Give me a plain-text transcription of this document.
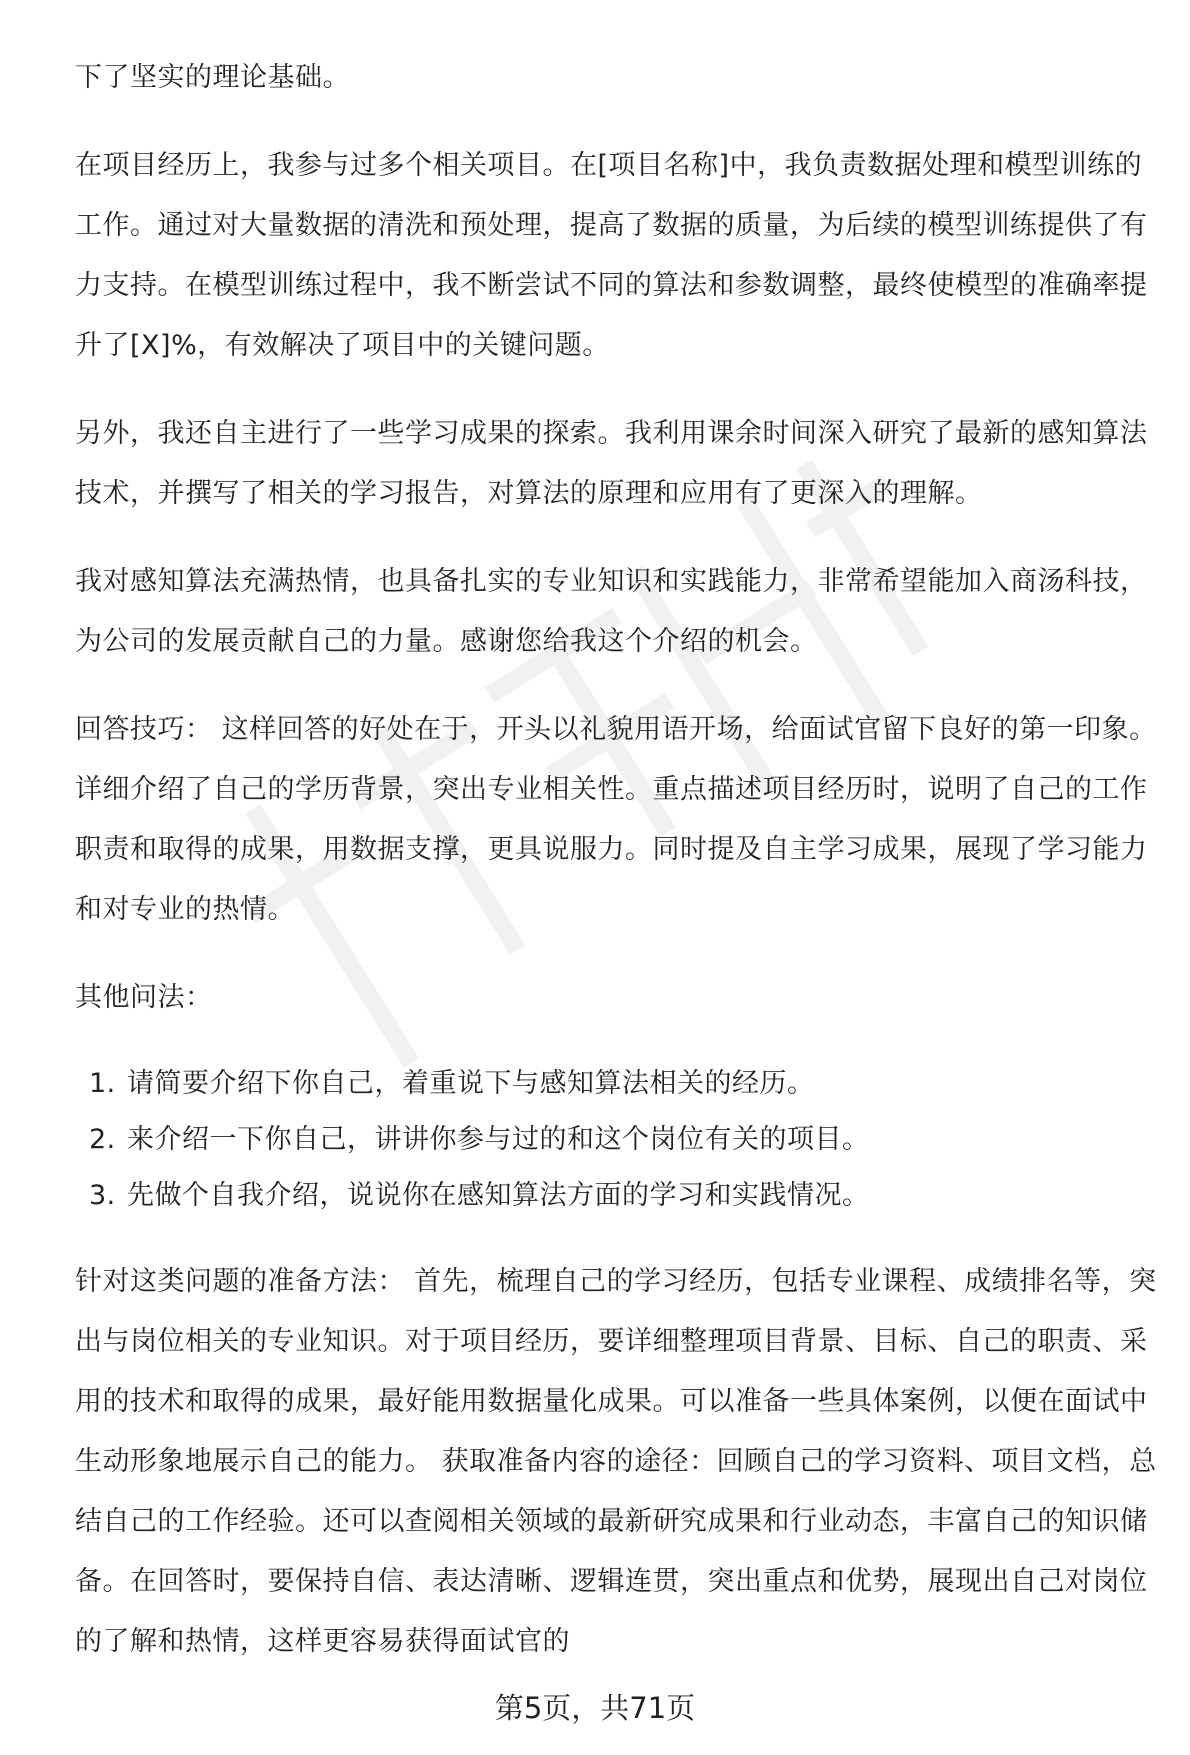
下了坚实的理论基础。

在项目经历上，我参与过多个相关项目。在[项目名称]中，我负责数据处理和模型训练的工作。通过对大量数据的清洗和预处理，提高了数据的质量，为后续的模型训练提供了有力支持。在模型训练过程中，我不断尝试不同的算法和参数调整，最终使模型的准确率提升了[X]%，有效解决了项目中的关键问题。

另外，我还自主进行了一些学习成果的探索。我利用课余时间深入研究了最新的感知算法技术，并撰写了相关的学习报告，对算法的原理和应用有了更深入的理解。

我对感知算法充满热情，也具备扎实的专业知识和实践能力，非常希望能加入商汤科技，为公司的发展贡献自己的力量。感谢您给我这个介绍的机会。

回答技巧： 这样回答的好处在于，开头以礼貌用语开场，给面试官留下良好的第一印象。详细介绍了自己的学历背景，突出专业相关性。重点描述项目经历时，说明了自己的工作职责和取得的成果，用数据支撑，更具说服力。同时提及自主学习成果，展现了学习能力和对专业的热情。

其他问法：

1. 请简要介绍下你自己，着重说下与感知算法相关的经历。
2. 来介绍一下你自己，讲讲你参与过的和这个岗位有关的项目。
3. 先做个自我介绍，说说你在感知算法方面的学习和实践情况。

针对这类问题的准备方法： 首先，梳理自己的学习经历，包括专业课程、成绩排名等，突出与岗位相关的专业知识。对于项目经历，要详细整理项目背景、目标、自己的职责、采用的技术和取得的成果，最好能用数据量化成果。可以准备一些具体案例，以便在面试中生动形象地展示自己的能力。 获取准备内容的途径：回顾自己的学习资料、项目文档，总结自己的工作经验。还可以查阅相关领域的最新研究成果和行业动态，丰富自己的知识储备。在回答时，要保持自信、表达清晰、逻辑连贯，突出重点和优势，展现出自己对岗位的了解和热情，这样更容易获得面试官的

第5页，共71页
